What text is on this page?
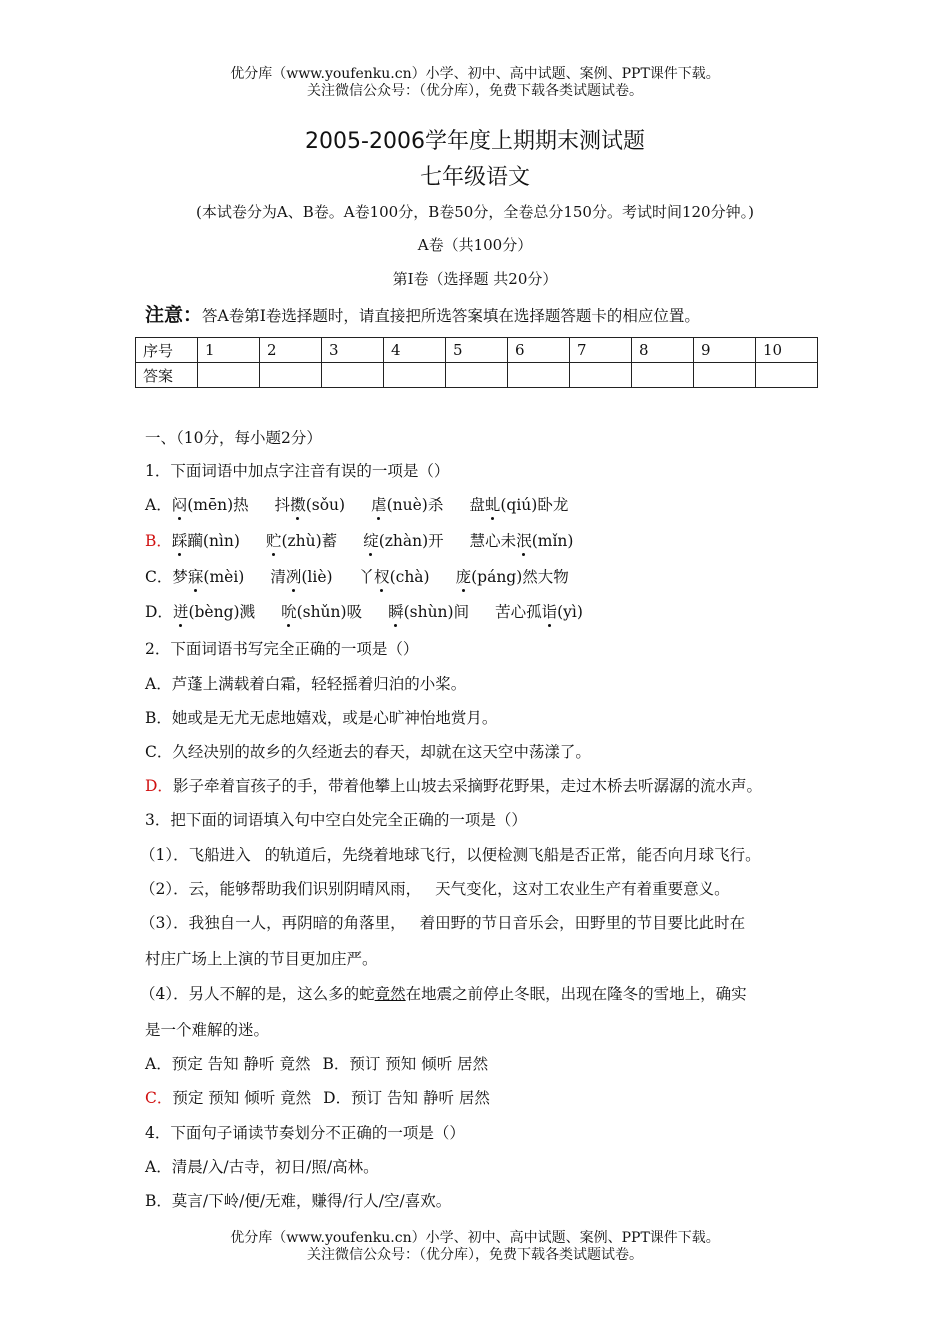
优分库（www.youfenku.cn）小学、初中、高中试题、案例、PPT课件下载。
关注微信公众号：（优分库），免费下载各类试题试卷。
2005-2006学年度上期期末测试题
七年级语文
(本试卷分为A、B卷。A卷100分，B卷50分，全卷总分150分。考试时间120分钟。)
A卷（共100分）
第Ⅰ卷（选择题 共20分）
注意：答A卷第Ⅰ卷选择题时，请直接把所选答案填在选择题答题卡的相应位置。
序号	1	2	3	4	5	6	7	8	9	10
答案										
一、（10分，每小题2分）
1．下面词语中加点字注音有误的一项是（）
A．闷(mēn)热 抖擞(sǒu) 虐(nuè)杀 盘虬(qiú)卧龙
B．踩躏(nìn) 贮(zhù)蓄 绽(zhàn)开 慧心未泯(mǐn)
C．梦寐(mèi) 清冽(liè) 丫杈(chà) 庞(páng)然大物
D．迸(bèng)溅 吮(shǔn)吸 瞬(shùn)间 苦心孤诣(yì)
2．下面词语书写完全正确的一项是（）
A．芦蓬上满载着白霜，轻轻摇着归泊的小桨。
B．她或是无尤无虑地嬉戏，或是心旷神怡地赏月。
C．久经决别的故乡的久经逝去的春天，却就在这天空中荡漾了。
D．影子牵着盲孩子的手，带着他攀上山坡去采摘野花野果，走过木桥去听潺潺的流水声。
3．把下面的词语填入句中空白处完全正确的一项是（）
（1）．飞船进入 的轨道后，先绕着地球飞行，以便检测飞船是否正常，能否向月球飞行。
（2）．云，能够帮助我们识别阴晴风雨， 天气变化，这对工农业生产有着重要意义。
（3）．我独自一人，再阴暗的角落里， 着田野的节日音乐会，田野里的节目要比此时在
村庄广场上上演的节目更加庄严。
（4）．另人不解的是，这么多的蛇竟然在地震之前停止冬眠，出现在隆冬的雪地上，确实
是一个难解的迷。
A．预定 告知 静听 竟然 B．预订 预知 倾听 居然
C．预定 预知 倾听 竟然 D．预订 告知 静听 居然
4．下面句子诵读节奏划分不正确的一项是（）
A．清晨/入/古寺，初日/照/高林。
B．莫言/下岭/便/无难，赚得/行人/空/喜欢。
优分库（www.youfenku.cn）小学、初中、高中试题、案例、PPT课件下载。
关注微信公众号：（优分库），免费下载各类试题试卷。
